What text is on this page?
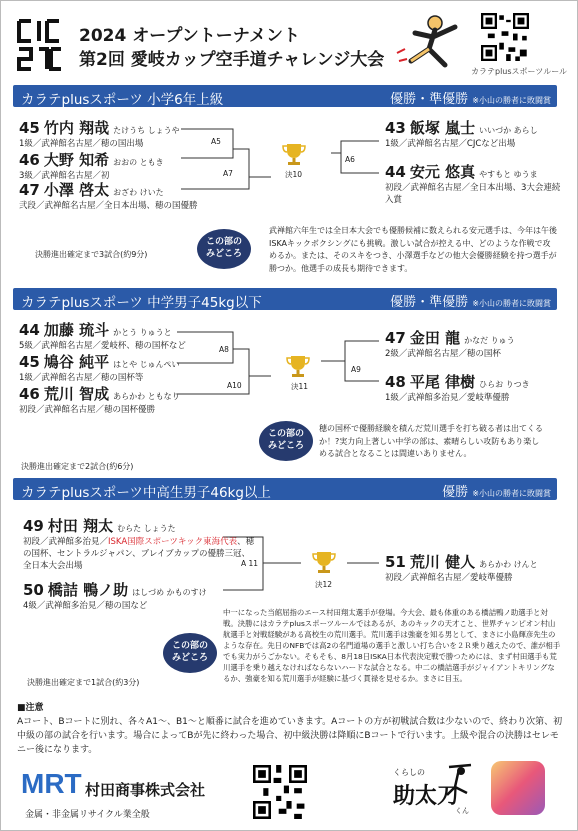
2024 オープントーナメント
第2回 愛岐カップ空手道チャレンジ大会
カラテplusスポーツルール
カラテplusスポーツ 小学6年上級	優勝・準優勝 ※小山の勝者に敗闘賞
45 竹内 翔哉 たけうち しょうや
1級／武禅館名古屋／穂の国出場
46 大野 知希 おおの ともき
3級／武禅館名古屋／初
47 小澤 啓太 おざわ けいた
弐段／武禅館名古屋／全日本出場、穂の国優勝
43 飯塚 嵐士 いいづか あらし
1級／武禅館名古屋／CJCなど出場
44 安元 悠真 やすもと ゆうま
初段／武禅館名古屋／全日本出場、3大会連続入賞
A5
A7
A6
決10
この部の
みどころ
武禅館六年生では全日本大会でも優勝候補に数えられる安元選手は、今年は午後ISKAキックボクシングにも挑戦。激しい試合が控える中、どのような作戦で攻めるか。または、そのスキをつき、小澤選手などの他大会優勝経験を持つ選手が勝つか。他選手の成長も期待できます。
決勝進出確定まで3試合(約9分)
カラテplusスポーツ 中学男子45kg以下	優勝・準優勝 ※小山の勝者に敗闘賞
44 加藤 琉斗 かとう りゅうと
5級／武禅館名古屋／愛岐杯、穂の国杯など
45 鳩谷 純平 はとや じゅんぺい
1級／武禅館名古屋／穂の国杯等
46 荒川 智成 あらかわ ともなり
初段／武禅館名古屋／穂の国杯優勝
47 金田 龍 かなだ りゅう
2級／武禅館名古屋／穂の国杯
48 平尾 律樹 ひらお りつき
1級／武禅館多治見／愛岐準優勝
A8
A10
A9
決11
この部の
みどころ
穂の国杯で優勝経験を積んだ荒川選手を打ち破る者は出てくるか！?実力向上著しい中学の部は、素晴らしい攻防もあり楽しめる試合となることは間違いありません。
決勝進出確定まで2試合(約6分)
カラテplusスポーツ中高生男子46kg以上	優勝 ※小山の勝者に敗闘賞
49 村田 翔太 むらた しょうた
初段／武禅館多治見／ISKA国際スポーツキック東海代表、穂の国杯、セントラルジャパン、ブレイブカップの優勝三冠、全日本大会出場
50 橋詰 鴨ノ助 はしづめ かものすけ
4級／武禅館多治見／穂の国など
51 荒川 健人 あらかわ けんと
初段／武禅館名古屋／愛岐準優勝
A 11
決12
この部の
みどころ
中一になった当館屈指のエース村田翔太選手が登場。今大会、最も体重のある橋詰鴨ノ助選手と対戦。決勝にはカラテplusスポーツルールではあるが、あのキックの天才こと、世界チャンピオン村山航選手と対戦経験がある高校生の荒川選手。荒川選手は強豪を知る男として、まさに小島輝彦先生のような存在。先日のNFBでは高2の名門道場の選手と激しい打ち合いを２Ｒ乗り越えたので、誰が相手でも実力がうごかない。そもそも、8月18日ISKA日本代表決定戦で勝つためには、まず村田選手も荒川選手を乗り越えなければならないハードな試合となる。中二の橋詰選手がジャイアントキリングなるか、強豪を知る荒川選手が経験に基づく貫禄を見せるか。まさに目玉。
決勝進出確定まで1試合(約3分)
■注意
Aコート、Bコートに別れ、各々A1〜、B1〜と順番に試合を進めていきます。Aコートの方が初戦試合数は少ないので、終わり次第、初中級の部の試合を行います。場合によってBが先に終わった場合、初中級決勝は降順にBコートで行います。上級や混合の決勝はセレモニー後になります。
MRT 村田商事株式会社
金属・非金属リサイクル業全般
くらしの
助太刀
くん
